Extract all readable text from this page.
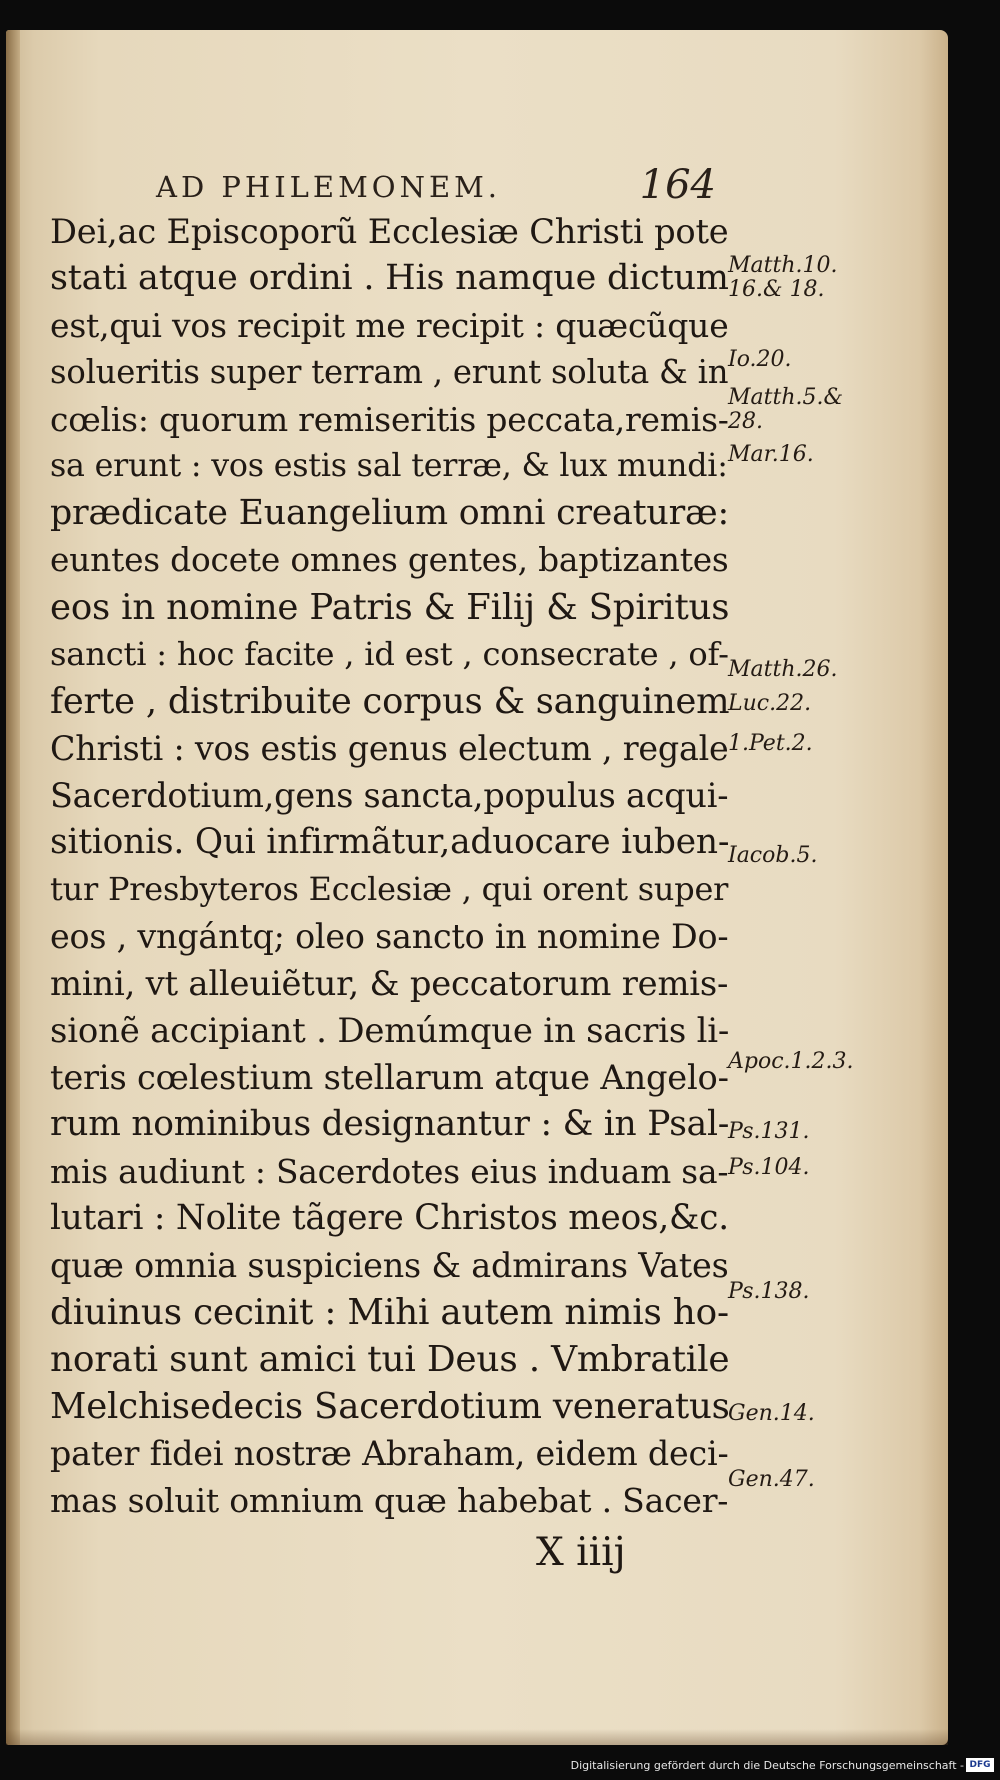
AD PHILEMONEM.	164
Dei,ac Episcoporũ Ecclesiæ Christi pote
stati atque ordini . His namque dictum
est,qui vos recipit me recipit : quæcũque
solueritis super terram , erunt soluta & in
cœlis: quorum remiseritis peccata,remis-
sa erunt : vos estis sal terræ, & lux mundi:
prædicate Euangelium omni creaturæ:
euntes docete omnes gentes, baptizantes
eos in nomine Patris & Filij & Spiritus
sancti : hoc facite , id est , consecrate , of-
ferte , distribuite corpus & sanguinem
Christi : vos estis genus electum , regale
Sacerdotium,gens sancta,populus acqui-
sitionis. Qui infirmãtur,aduocare iuben-
tur Presbyteros Ecclesiæ , qui orent super
eos , vngántq; oleo sancto in nomine Do-
mini, vt alleuiẽtur, & peccatorum remis-
sionẽ accipiant . Demúmque in sacris li-
teris cœlestium stellarum atque Angelo-
rum nominibus designantur : & in Psal-
mis audiunt : Sacerdotes eius induam sa-
lutari : Nolite tãgere Christos meos,&c.
quæ omnia suspiciens & admirans Vates
diuinus cecinit : Mihi autem nimis ho-
norati sunt amici tui Deus . Vmbratile
Melchisedecis Sacerdotium veneratus
pater fidei nostræ Abraham, eidem deci-
mas soluit omnium quæ habebat . Sacer-
Matth.10.
16.& 18.
Io.20.
Matth.5.&
28.
Mar.16.
Matth.26.
Luc.22.
1.Pet.2.
Iacob.5.
Apoc.1.2.3.
Ps.131.
Ps.104.
Ps.138.
Gen.14.
Gen.47.
X iiij
Digitalisierung gefördert durch die Deutsche Forschungsgemeinschaft - DFG
